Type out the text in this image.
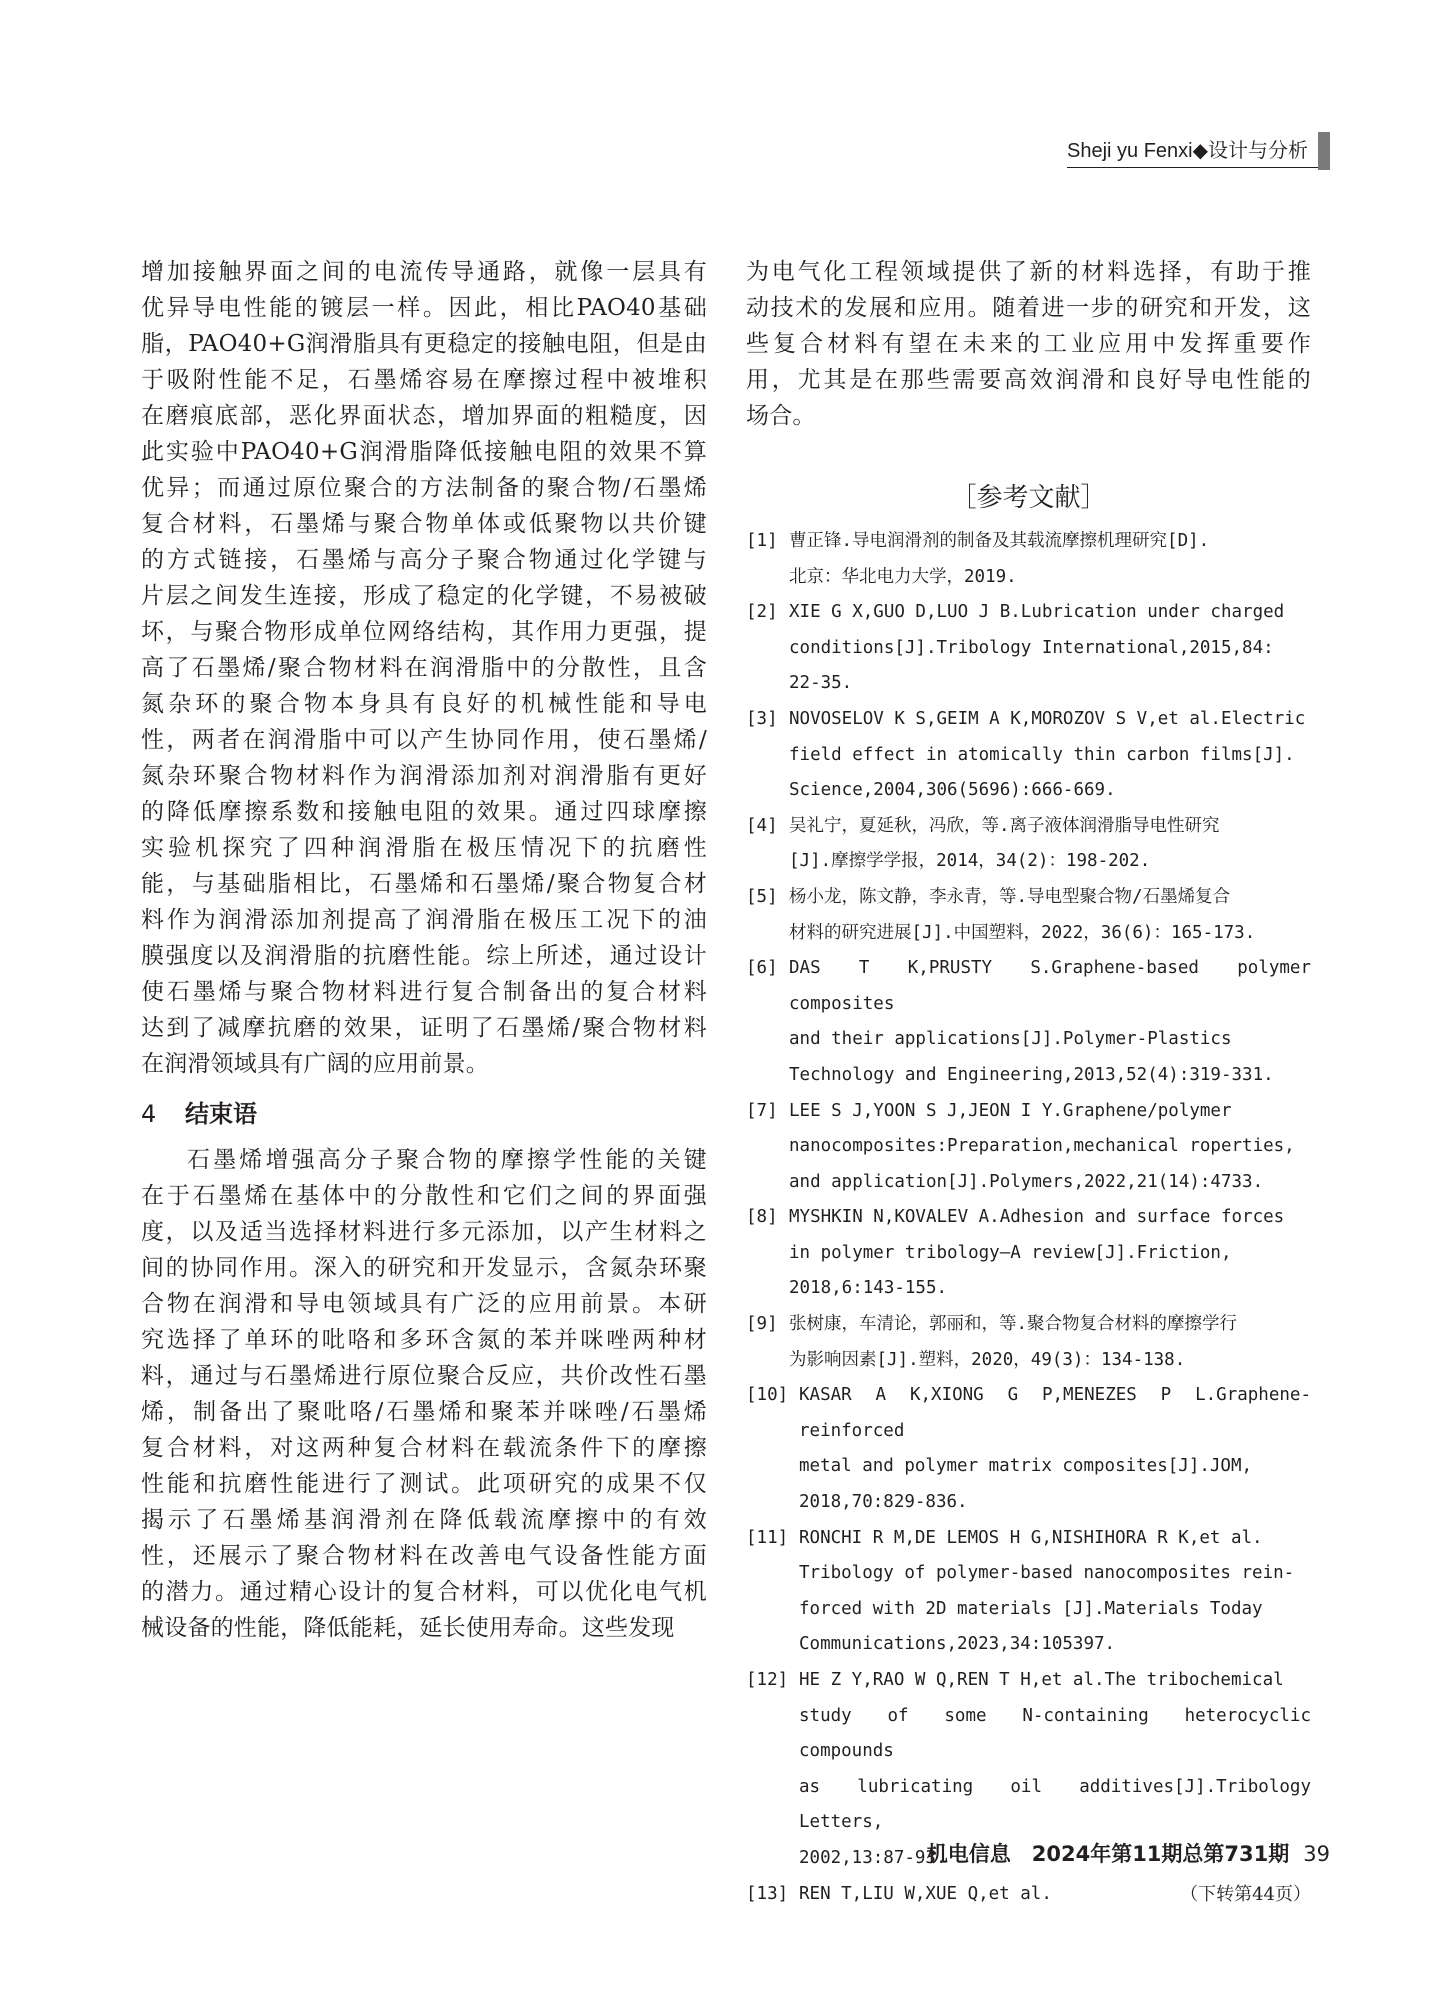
Sheji yu Fenxi◆设计与分析
增加接触界面之间的电流传导通路，就像一层具有
优异导电性能的镀层一样。因此，相比PAO40基础
脂，PAO40+G润滑脂具有更稳定的接触电阻，但是由
于吸附性能不足，石墨烯容易在摩擦过程中被堆积
在磨痕底部，恶化界面状态，增加界面的粗糙度，因
此实验中PAO40+G润滑脂降低接触电阻的效果不算
优异；而通过原位聚合的方法制备的聚合物/石墨烯
复合材料，石墨烯与聚合物单体或低聚物以共价键
的方式链接，石墨烯与高分子聚合物通过化学键与
片层之间发生连接，形成了稳定的化学键，不易被破
坏，与聚合物形成单位网络结构，其作用力更强，提
高了石墨烯/聚合物材料在润滑脂中的分散性，且含
氮杂环的聚合物本身具有良好的机械性能和导电
性，两者在润滑脂中可以产生协同作用，使石墨烯/
氮杂环聚合物材料作为润滑添加剂对润滑脂有更好
的降低摩擦系数和接触电阻的效果。通过四球摩擦
实验机探究了四种润滑脂在极压情况下的抗磨性
能，与基础脂相比，石墨烯和石墨烯/聚合物复合材
料作为润滑添加剂提高了润滑脂在极压工况下的油
膜强度以及润滑脂的抗磨性能。综上所述，通过设计
使石墨烯与聚合物材料进行复合制备出的复合材料
达到了减摩抗磨的效果，证明了石墨烯/聚合物材料
在润滑领域具有广阔的应用前景。
4 结束语
石墨烯增强高分子聚合物的摩擦学性能的关键
在于石墨烯在基体中的分散性和它们之间的界面强
度，以及适当选择材料进行多元添加，以产生材料之
间的协同作用。深入的研究和开发显示，含氮杂环聚
合物在润滑和导电领域具有广泛的应用前景。本研
究选择了单环的吡咯和多环含氮的苯并咪唑两种材
料，通过与石墨烯进行原位聚合反应，共价改性石墨
烯，制备出了聚吡咯/石墨烯和聚苯并咪唑/石墨烯
复合材料，对这两种复合材料在载流条件下的摩擦
性能和抗磨性能进行了测试。此项研究的成果不仅
揭示了石墨烯基润滑剂在降低载流摩擦中的有效
性，还展示了聚合物材料在改善电气设备性能方面
的潜力。通过精心设计的复合材料，可以优化电气机
械设备的性能，降低能耗，延长使用寿命。这些发现
为电气化工程领域提供了新的材料选择，有助于推
动技术的发展和应用。随着进一步的研究和开发，这
些复合材料有望在未来的工业应用中发挥重要作
用，尤其是在那些需要高效润滑和良好导电性能的
场合。
［参考文献］
[1] 曹正锋.导电润滑剂的制备及其载流摩擦机理研究[D].
北京：华北电力大学，2019.
[2] XIE G X,GUO D,LUO J B.Lubrication under charged
conditions[J].Tribology International,2015,84:
22-35.
[3] NOVOSELOV K S,GEIM A K,MOROZOV S V,et al.Electric
field effect in atomically thin carbon films[J].
Science,2004,306(5696):666-669.
[4] 吴礼宁，夏延秋，冯欣，等.离子液体润滑脂导电性研究
[J].摩擦学学报，2014，34(2)：198-202.
[5] 杨小龙，陈文静，李永青，等.导电型聚合物/石墨烯复合
材料的研究进展[J].中国塑料，2022，36(6)：165-173.
[6] DAS T K,PRUSTY S.Graphene-based polymer composites
and their applications[J].Polymer-Plastics
Technology and Engineering,2013,52(4):319-331.
[7] LEE S J,YOON S J,JEON I Y.Graphene/polymer
nanocomposites:Preparation,mechanical roperties,
and application[J].Polymers,2022,21(14):4733.
[8] MYSHKIN N,KOVALEV A.Adhesion and surface forces
in polymer tribology—A review[J].Friction,
2018,6:143-155.
[9] 张树康，车清论，郭丽和，等.聚合物复合材料的摩擦学行
为影响因素[J].塑料，2020，49(3)：134-138.
[10] KASAR A K,XIONG G P,MENEZES P L.Graphene-reinforced
metal and polymer matrix composites[J].JOM,
2018,70:829-836.
[11] RONCHI R M,DE LEMOS H G,NISHIHORA R K,et al.
Tribology of polymer-based nanocomposites rein-
forced with 2D materials [J].Materials Today
Communications,2023,34:105397.
[12] HE Z Y,RAO W Q,REN T H,et al.The tribochemical
study of some N-containing heterocyclic compounds
as lubricating oil additives[J].Tribology Letters,
2002,13:87-93.
[13] REN T,LIU W,XUE Q,et al.	（下转第44页）
机电信息　2024年第11期总第731期 39
